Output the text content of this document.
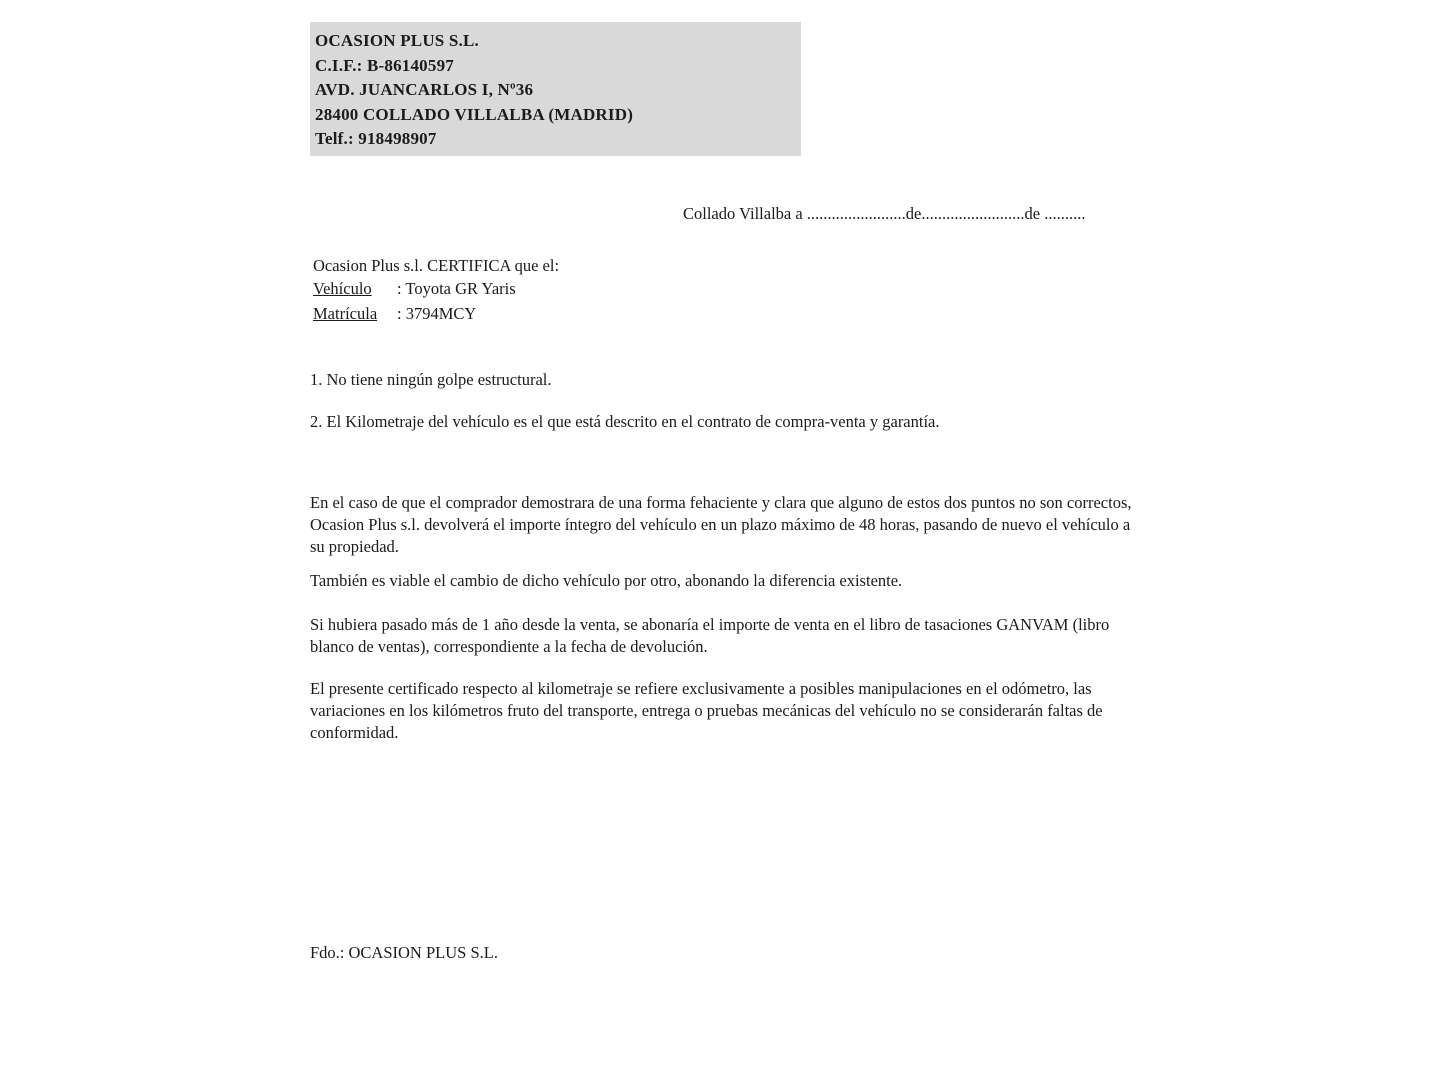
OCASION PLUS S.L.
C.I.F.: B-86140597
AVD. JUANCARLOS I, Nº36
28400 COLLADO VILLALBA (MADRID)
Telf.: 918498907
Collado Villalba a ........................de.........................de ..........
Ocasion Plus s.l. CERTIFICA que el:
Vehículo : Toyota GR Yaris
Matrícula : 3794MCY
1. No tiene ningún golpe estructural.
2. El Kilometraje del vehículo es el que está descrito en el contrato de compra-venta y garantía.
En el caso de que el comprador demostrara de una forma fehaciente y clara que alguno de estos dos puntos no son correctos, Ocasion Plus s.l. devolverá el importe íntegro del vehículo en un plazo máximo de 48 horas, pasando de nuevo el vehículo a su propiedad.
También es viable el cambio de dicho vehículo por otro, abonando la diferencia existente.
Si hubiera pasado más de 1 año desde la venta, se abonaría el importe de venta en el libro de tasaciones GANVAM (libro blanco de ventas), correspondiente a la fecha de devolución.
El presente certificado respecto al kilometraje se refiere exclusivamente a posibles manipulaciones en el odómetro, las variaciones en los kilómetros fruto del transporte, entrega o pruebas mecánicas del vehículo no se considerarán faltas de conformidad.
Fdo.: OCASION PLUS S.L.
